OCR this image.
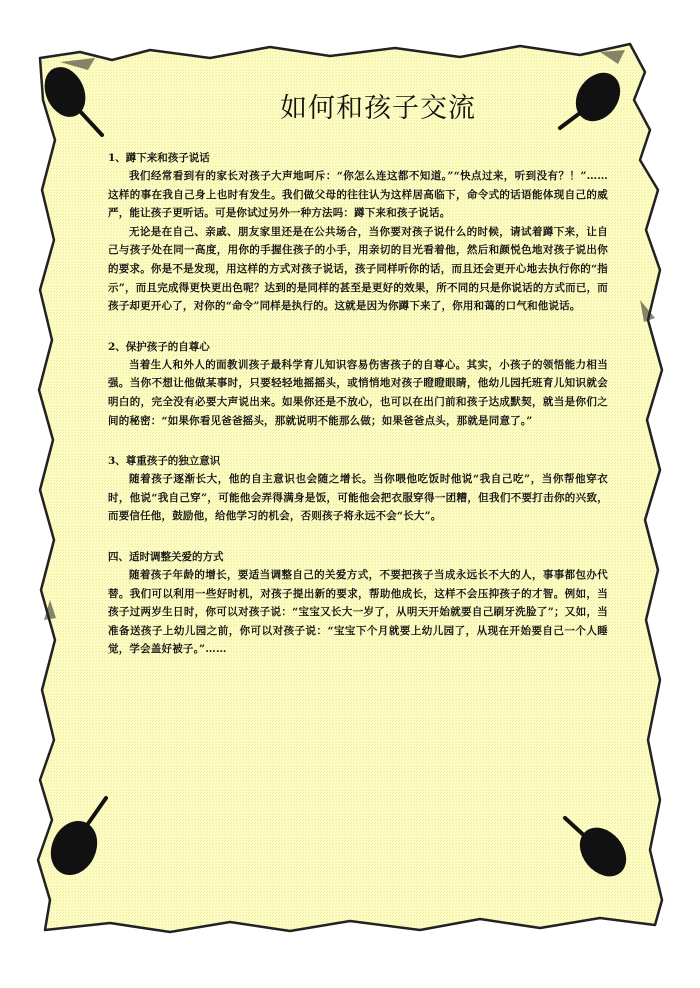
如何和孩子交流

1、蹲下来和孩子说话

我们经常看到有的家长对孩子大声地呵斥：“你怎么连这都不知道。”“快点过来，听到没有？！”……这样的事在我自己身上也时有发生。我们做父母的往往认为这样居高临下，命令式的话语能体现自己的威严，能让孩子更听话。可是你试过另外一种方法吗：蹲下来和孩子说话。

无论是在自己、亲戚、朋友家里还是在公共场合，当你要对孩子说什么的时候，请试着蹲下来，让自己与孩子处在同一高度，用你的手握住孩子的小手，用亲切的目光看着他，然后和颜悦色地对孩子说出你的要求。你是不是发现，用这样的方式对孩子说话，孩子同样听你的话，而且还会更开心地去执行你的“指示”，而且完成得更快更出色呢？达到的是同样的甚至是更好的效果，所不同的只是你说话的方式而已，而孩子却更开心了，对你的“命令”同样是执行的。这就是因为你蹲下来了，你用和蔼的口气和他说话。

2、保护孩子的自尊心

当着生人和外人的面教训孩子最科学育儿知识容易伤害孩子的自尊心。其实，小孩子的领悟能力相当强。当你不想让他做某事时，只要轻轻地摇摇头，或悄悄地对孩子瞪瞪眼睛，他幼儿园托班育儿知识就会明白的，完全没有必要大声说出来。如果你还是不放心，也可以在出门前和孩子达成默契，就当是你们之间的秘密：“如果你看见爸爸摇头，那就说明不能那么做；如果爸爸点头，那就是同意了。”

3、尊重孩子的独立意识

随着孩子逐渐长大，他的自主意识也会随之增长。当你喂他吃饭时他说“我自己吃”，当你帮他穿衣时，他说“我自己穿”，可能他会弄得满身是饭，可能他会把衣服穿得一团糟，但我们不要打击你的兴致，而要信任他，鼓励他，给他学习的机会，否则孩子将永远不会“长大”。

四、适时调整关爱的方式

随着孩子年龄的增长，要适当调整自己的关爱方式，不要把孩子当成永远长不大的人，事事都包办代替。我们可以利用一些好时机，对孩子提出新的要求，帮助他成长，这样不会压抑孩子的才智。例如，当孩子过两岁生日时，你可以对孩子说：“宝宝又长大一岁了，从明天开始就要自己刷牙洗脸了”；又如，当准备送孩子上幼儿园之前，你可以对孩子说：“宝宝下个月就要上幼儿园了，从现在开始要自己一个人睡觉，学会盖好被子。”……
